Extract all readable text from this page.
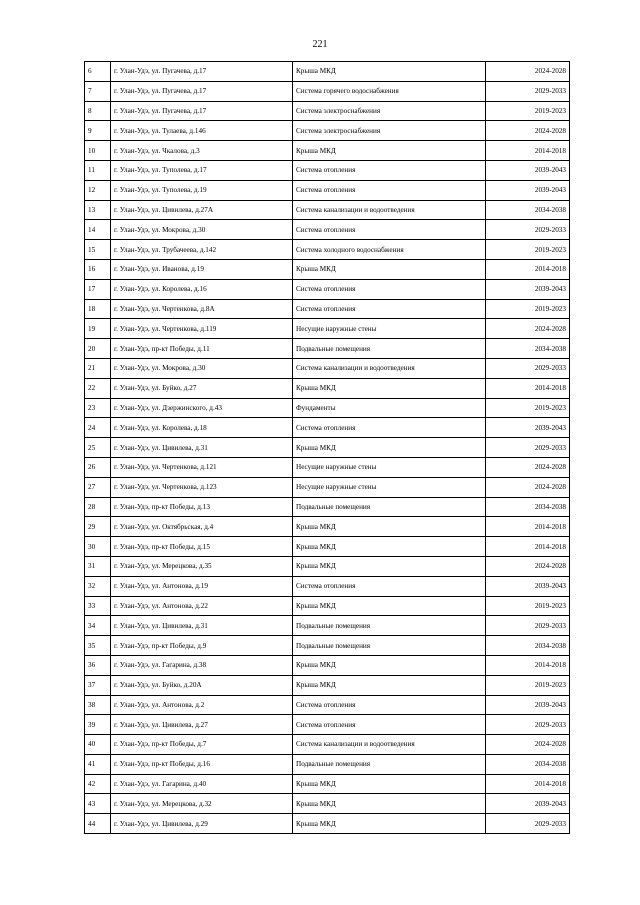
221
6	г. Улан-Удэ, ул. Пугачева, д.17	Крыша МКД	2024-2028
7	г. Улан-Удэ, ул. Пугачева, д.17	Система горячего водоснабжения	2029-2033
8	г. Улан-Удэ, ул. Пугачева, д.17	Система электроснабжения	2019-2023
9	г. Улан-Удэ, ул. Тулаева, д.146	Система электроснабжения	2024-2028
10	г. Улан-Удэ, ул. Чкалова, д.3	Крыша МКД	2014-2018
11	г. Улан-Удэ, ул. Туполева, д.17	Система отопления	2039-2043
12	г. Улан-Удэ, ул. Туполева, д.19	Система отопления	2039-2043
13	г. Улан-Удэ, ул. Цивилева, д.27А	Система канализации и водоотведения	2034-2038
14	г. Улан-Удэ, ул. Мокрова, д.30	Система отопления	2029-2033
15	г. Улан-Удэ, ул. Трубачеева, д.142	Система холодного водоснабжения	2019-2023
16	г. Улан-Удэ, ул. Иванова, д.19	Крыша МКД	2014-2018
17	г. Улан-Удэ, ул. Королева, д.16	Система отопления	2039-2043
18	г. Улан-Удэ, ул. Чертенкова, д.8А	Система отопления	2019-2023
19	г. Улан-Удэ, ул. Чертенкова, д.119	Несущие наружные стены	2024-2028
20	г. Улан-Удэ, пр-кт Победы, д.11	Подвальные помещения	2034-2038
21	г. Улан-Удэ, ул. Мокрова, д.30	Система канализации и водоотведения	2029-2033
22	г. Улан-Удэ, ул. Буйко, д.27	Крыша МКД	2014-2018
23	г. Улан-Удэ, ул. Дзержинского, д.43	Фундаменты	2019-2023
24	г. Улан-Удэ, ул. Королева, д.18	Система отопления	2039-2043
25	г. Улан-Удэ, ул. Цивилева, д.31	Крыша МКД	2029-2033
26	г. Улан-Удэ, ул. Чертенкова, д.121	Несущие наружные стены	2024-2028
27	г. Улан-Удэ, ул. Чертенкова, д.123	Несущие наружные стены	2024-2028
28	г. Улан-Удэ, пр-кт Победы, д.13	Подвальные помещения	2034-2038
29	г. Улан-Удэ, ул. Октябрьская, д.4	Крыша МКД	2014-2018
30	г. Улан-Удэ, пр-кт Победы, д.15	Крыша МКД	2014-2018
31	г. Улан-Удэ, ул. Мерецкова, д.35	Крыша МКД	2024-2028
32	г. Улан-Удэ, ул. Антонова, д.19	Система отопления	2039-2043
33	г. Улан-Удэ, ул. Антонова, д.22	Крыша МКД	2019-2023
34	г. Улан-Удэ, ул. Цивилева, д.31	Подвальные помещения	2029-2033
35	г. Улан-Удэ, пр-кт Победы, д.9	Подвальные помещения	2034-2038
36	г. Улан-Удэ, ул. Гагарина, д.38	Крыша МКД	2014-2018
37	г. Улан-Удэ, ул. Буйко, д.20А	Крыша МКД	2019-2023
38	г. Улан-Удэ, ул. Антонова, д.2	Система отопления	2039-2043
39	г. Улан-Удэ, ул. Цивилева, д.27	Система отопления	2029-2033
40	г. Улан-Удэ, пр-кт Победы, д.7	Система канализации и водоотведения	2024-2028
41	г. Улан-Удэ, пр-кт Победы, д.16	Подвальные помещения	2034-2038
42	г. Улан-Удэ, ул. Гагарина, д.40	Крыша МКД	2014-2018
43	г. Улан-Удэ, ул. Мерецкова, д.32	Крыша МКД	2039-2043
44	г. Улан-Удэ, ул. Цивилева, д.29	Крыша МКД	2029-2033
